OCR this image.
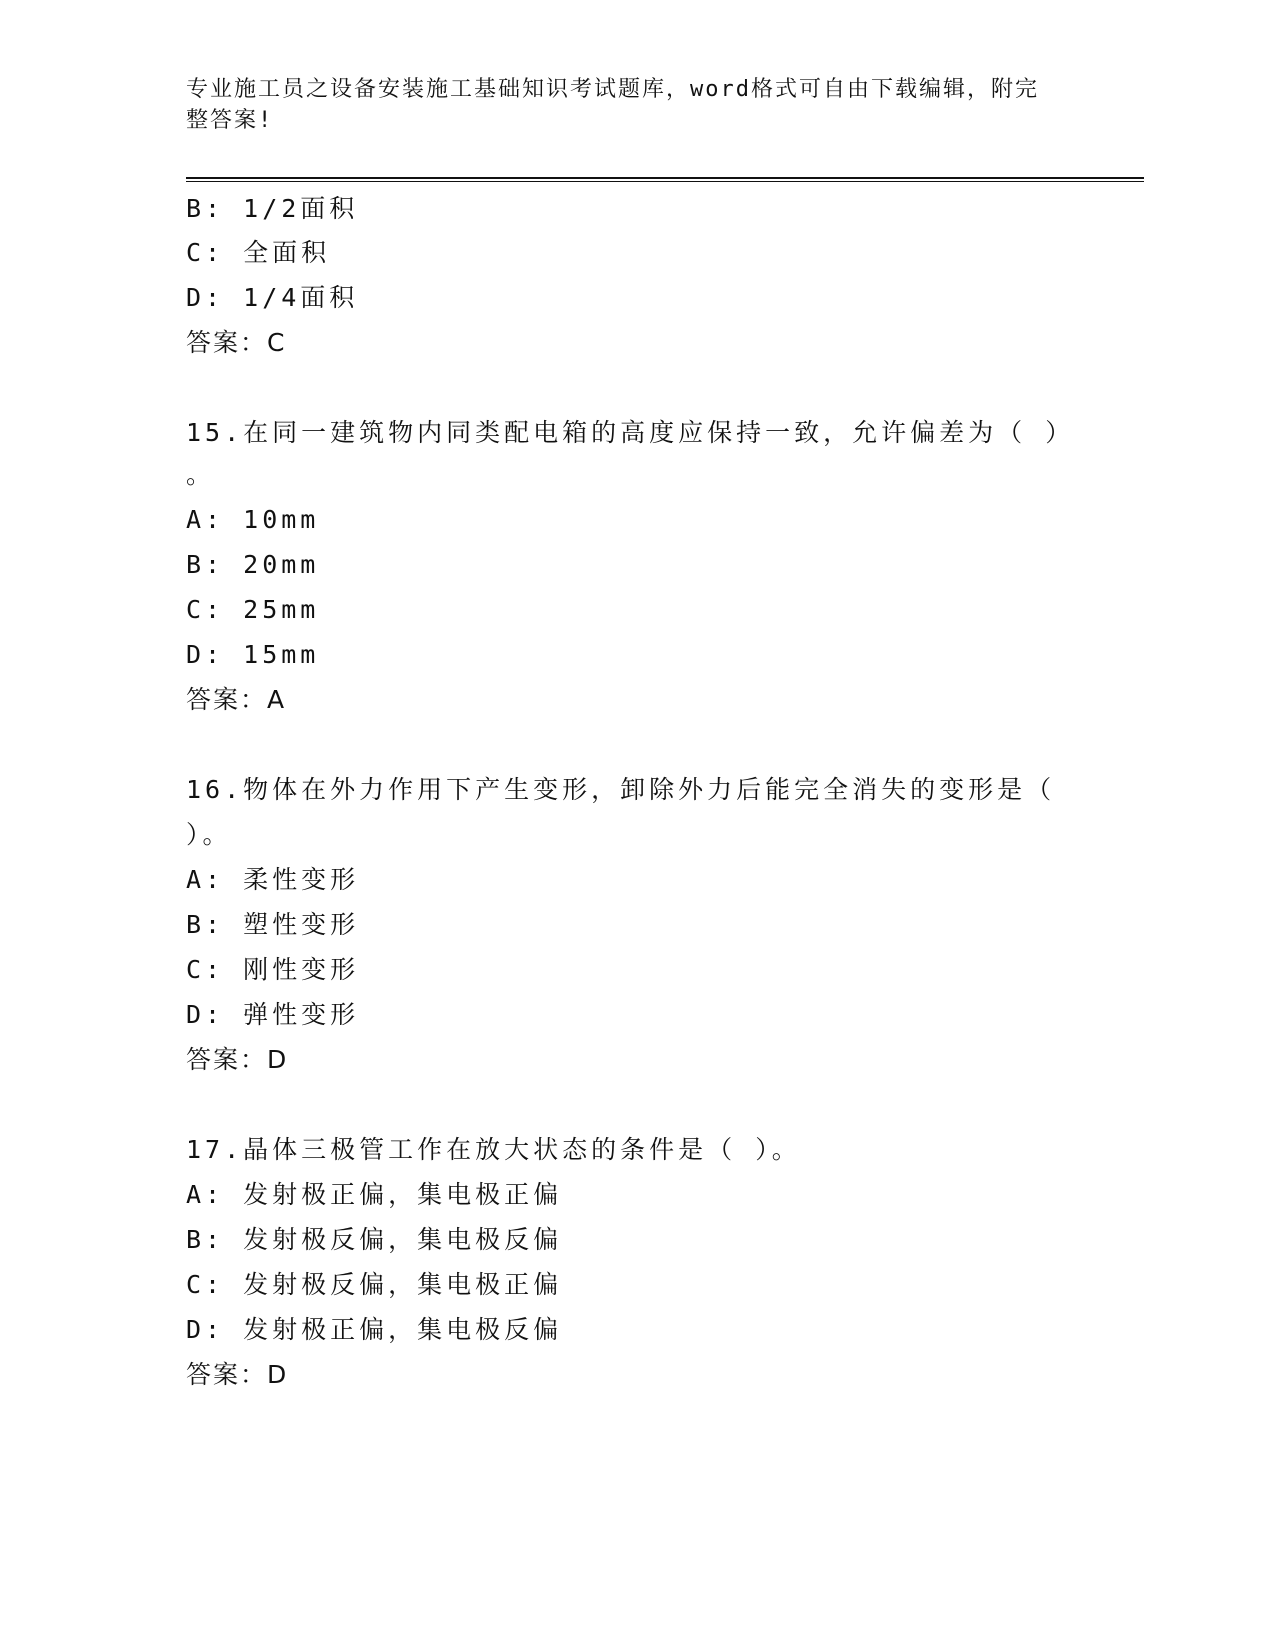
专业施工员之设备安装施工基础知识考试题库，word格式可自由下载编辑，附完
整答案!
B: 1/2面积
C: 全面积
D: 1/4面积
答案：C
15.在同一建筑物内同类配电箱的高度应保持一致，允许偏差为（ ）
。
A: 10mm
B: 20mm
C: 25mm
D: 15mm
答案：A
16.物体在外力作用下产生变形，卸除外力后能完全消失的变形是（
）。
A: 柔性变形
B: 塑性变形
C: 刚性变形
D: 弹性变形
答案：D
17.晶体三极管工作在放大状态的条件是（ ）。
A: 发射极正偏，集电极正偏
B: 发射极反偏，集电极反偏
C: 发射极反偏，集电极正偏
D: 发射极正偏，集电极反偏
答案：D
